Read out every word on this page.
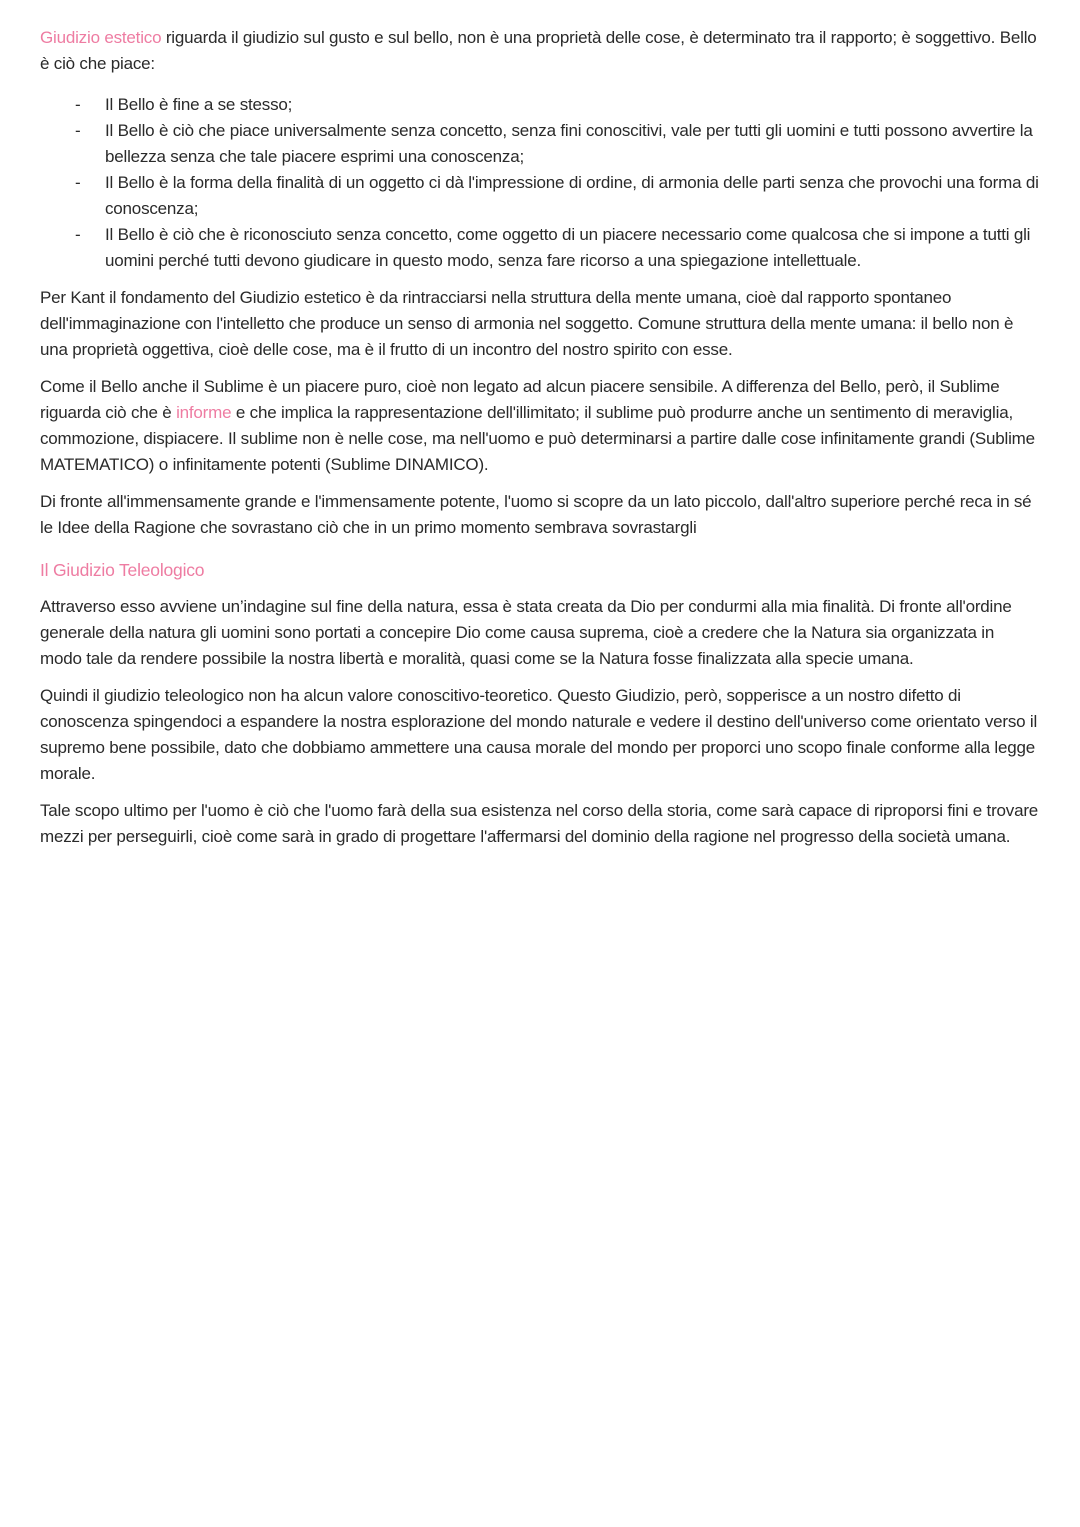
Giudizio estetico riguarda il giudizio sul gusto e sul bello, non è una proprietà delle cose, è determinato tra il rapporto; è soggettivo. Bello è ciò che piace:

-	Il Bello è fine a se stesso;
-	Il Bello è ciò che piace universalmente senza concetto, senza fini conoscitivi, vale per tutti gli uomini e tutti possono avvertire la bellezza senza che tale piacere esprimi una conoscenza;
-	Il Bello è la forma della finalità di un oggetto ci dà l'impressione di ordine, di armonia delle parti senza che provochi una forma di conoscenza;
-	Il Bello è ciò che è riconosciuto senza concetto, come oggetto di un piacere necessario come qualcosa che si impone a tutti gli uomini perché tutti devono giudicare in questo modo, senza fare ricorso a una spiegazione intellettuale.

Per Kant il fondamento del Giudizio estetico è da rintracciarsi nella struttura della mente umana, cioè dal rapporto spontaneo dell'immaginazione con l'intelletto che produce un senso di armonia nel soggetto. Comune struttura della mente umana: il bello non è una proprietà oggettiva, cioè delle cose, ma è il frutto di un incontro del nostro spirito con esse.

Come il Bello anche il Sublime è un piacere puro, cioè non legato ad alcun piacere sensibile. A differenza del Bello, però, il Sublime riguarda ciò che è informe e che implica la rappresentazione dell'illimitato; il sublime può produrre anche un sentimento di meraviglia, commozione, dispiacere. Il sublime non è nelle cose, ma nell'uomo e può determinarsi a partire dalle cose infinitamente grandi (Sublime MATEMATICO) o infinitamente potenti (Sublime DINAMICO).

Di fronte all'immensamente grande e l'immensamente potente, l'uomo si scopre da un lato piccolo, dall'altro superiore perché reca in sé le Idee della Ragione che sovrastano ciò che in un primo momento sembrava sovrastargli

Il Giudizio Teleologico

Attraverso esso avviene un’indagine sul fine della natura, essa è stata creata da Dio per condurmi alla mia finalità. Di fronte all'ordine generale della natura gli uomini sono portati a concepire Dio come causa suprema, cioè a credere che la Natura sia organizzata in modo tale da rendere possibile la nostra libertà e moralità, quasi come se la Natura fosse finalizzata alla specie umana.

Quindi il giudizio teleologico non ha alcun valore conoscitivo-teoretico. Questo Giudizio, però, sopperisce a un nostro difetto di conoscenza spingendoci a espandere la nostra esplorazione del mondo naturale e vedere il destino dell'universo come orientato verso il supremo bene possibile, dato che dobbiamo ammettere una causa morale del mondo per proporci uno scopo finale conforme alla legge morale.

Tale scopo ultimo per l'uomo è ciò che l'uomo farà della sua esistenza nel corso della storia, come sarà capace di riproporsi fini e trovare mezzi per perseguirli, cioè come sarà in grado di progettare l'affermarsi del dominio della ragione nel progresso della società umana.
